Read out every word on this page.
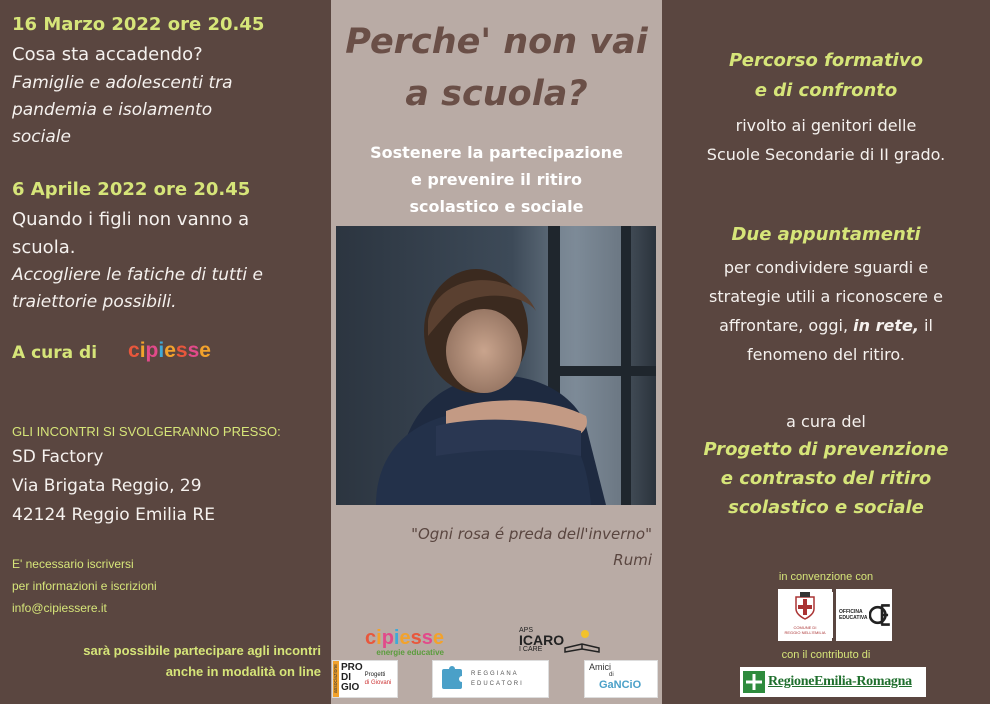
16 Marzo 2022 ore 20.45
Cosa sta accadendo?
Famiglie e adolescenti tra
pandemia e isolamento
sociale
6 Aprile 2022 ore 20.45
Quando i figli non vanno a
scuola.
Accogliere le fatiche di tutti e
traiettorie possibili.
A cura di cipiesse
GLI INCONTRI SI SVOLGERANNO PRESSO:
SD Factory
Via Brigata Reggio, 29
42124 Reggio Emilia RE
E' necessario iscriversi
per informazioni e iscrizioni
info@cipiessere.it
sarà possibile partecipare agli incontri
anche in modalità on line
Perche' non vai
a scuola?
Sostenere la partecipazione
e prevenire il ritiro
scolastico e sociale
"Ogni rosa é preda dell'inverno"
Rumi
cipiesse
energie educative
APS
ICARO
I CARE
associazione PRO
DI
GIO
Progetti
di Giovani
REGGIANA
EDUCATORI
Amici
di
GaNCiO
Percorso formativo
e di confronto
rivolto ai genitori delle
Scuole Secondarie di II grado.
Due appuntamenti
per condividere sguardi e
strategie utili a riconoscere e
affrontare, oggi, in rete, il
fenomeno del ritiro.
a cura del
Progetto di prevenzione
e contrasto del ritiro
scolastico e sociale
in convenzione con
COMUNE DI
REGGIO NELL'EMILIA
OFFICINA
EDUCATIVA
con il contributo di
RegioneEmilia-Romagna
